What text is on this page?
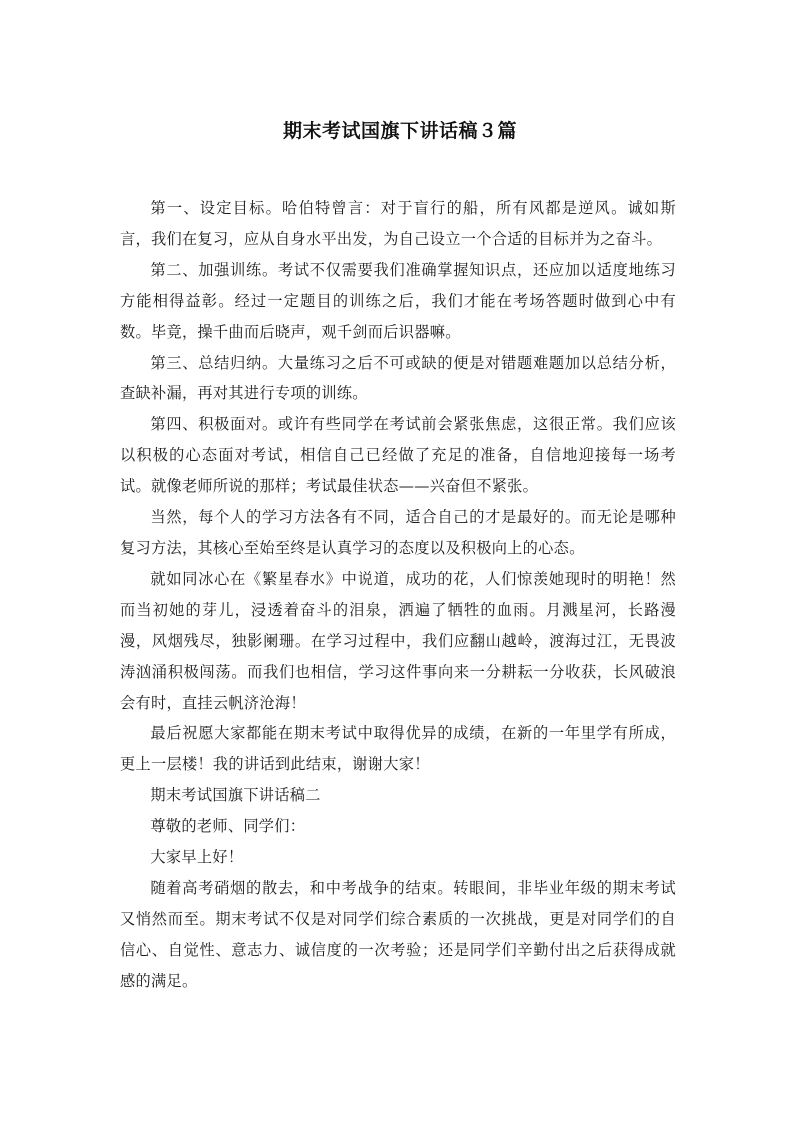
期末考试国旗下讲话稿３篇

第一、设定目标。哈伯特曾言：对于盲行的船，所有风都是逆风。诚如斯言，我们在复习，应从自身水平出发，为自己设立一个合适的目标并为之奋斗。

第二、加强训练。考试不仅需要我们准确掌握知识点，还应加以适度地练习方能相得益彰。经过一定题目的训练之后，我们才能在考场答题时做到心中有数。毕竟，操千曲而后晓声，观千剑而后识器嘛。

第三、总结归纳。大量练习之后不可或缺的便是对错题难题加以总结分析，查缺补漏，再对其进行专项的训练。

第四、积极面对。或许有些同学在考试前会紧张焦虑，这很正常。我们应该以积极的心态面对考试，相信自己已经做了充足的准备，自信地迎接每一场考试。就像老师所说的那样；考试最佳状态——兴奋但不紧张。

当然，每个人的学习方法各有不同，适合自己的才是最好的。而无论是哪种复习方法，其核心至始至终是认真学习的态度以及积极向上的心态。

就如同冰心在《繁星春水》中说道，成功的花，人们惊羡她现时的明艳！然而当初她的芽儿，浸透着奋斗的泪泉，洒遍了牺牲的血雨。月溅星河，长路漫漫，风烟残尽，独影阑珊。在学习过程中，我们应翻山越岭，渡海过江，无畏波涛汹涌积极闯荡。而我们也相信，学习这件事向来一分耕耘一分收获，长风破浪会有时，直挂云帆济沧海！

最后祝愿大家都能在期末考试中取得优异的成绩，在新的一年里学有所成，更上一层楼！我的讲话到此结束，谢谢大家！

期末考试国旗下讲话稿二

尊敬的老师、同学们：

大家早上好！

随着高考硝烟的散去，和中考战争的结束。转眼间，非毕业年级的期末考试又悄然而至。期末考试不仅是对同学们综合素质的一次挑战，更是对同学们的自信心、自觉性、意志力、诚信度的一次考验；还是同学们辛勤付出之后获得成就感的满足。
